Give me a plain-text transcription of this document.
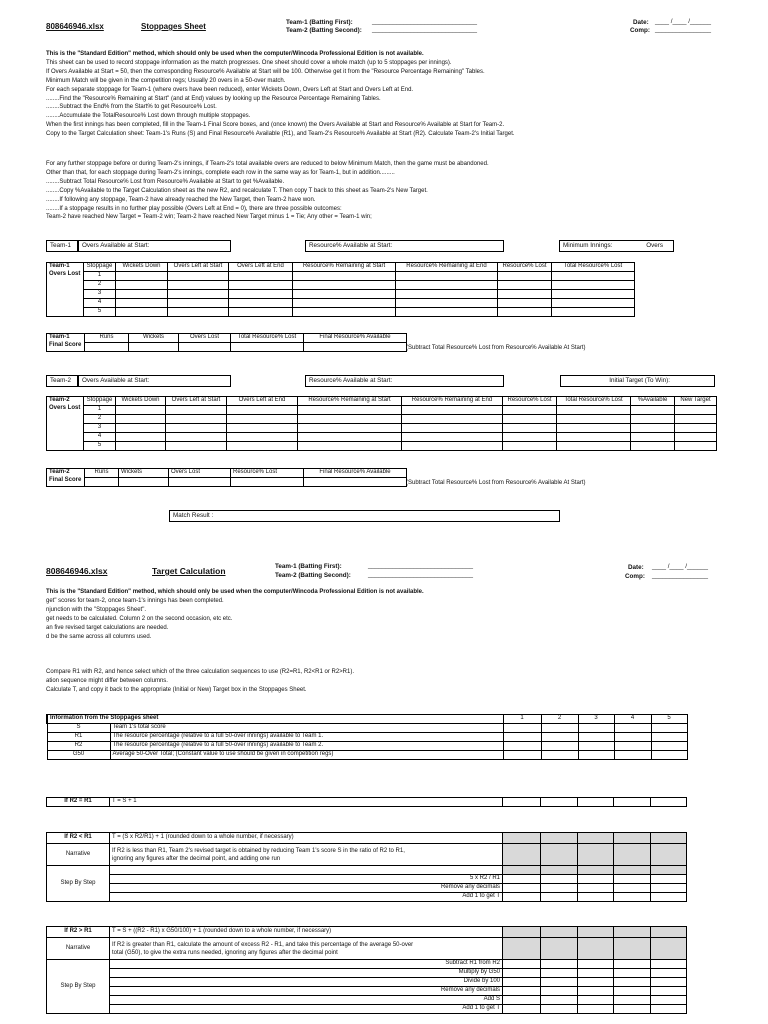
808646946.xlsx	Stoppages Sheet	Team-1 (Batting First):
Team-2 (Batting Second):
______________________________
______________________________
Date: ____ /____ /______
Comp: ________________
This is the "Standard Edition" method, which should only be used when the computer/Wincoda Professional Edition is not available.
This sheet can be used to record stoppage information as the match progresses. One sheet should cover a whole match (up to 5 stoppages per innings).
If Overs Available at Start = 50, then the corresponding Resource% Available at Start will be 100. Otherwise get it from the "Resource Percentage Remaining" Tables.
Minimum Match will be given in the competition regs; Usually 20 overs in a 50-over match.
For each separate stoppage for Team-1 (where overs have been reduced), enter Wickets Down, Overs Left at Start and Overs Left at End.
........Find the "Resource% Remaining at Start" (and at End) values by looking up the Resource Percentage Remaining Tables.
........Subtract the End% from the Start% to get Resource% Lost.
........Accumulate the TotalResource% Lost down through multiple stoppages.
When the first innings has been completed, fill in the Team-1 Final Score boxes, and (once known) the Overs Available at Start and Resource% Available at Start for Team-2.
Copy to the Target Calculation sheet: Team-1's Runs (S) and Final Resource% Available (R1), and Team-2's Resource% Available at Start (R2). Calculate Team-2's Initial Target.
For any further stoppage before or during Team-2's innings, if Team-2's total available overs are reduced to below Minimum Match, then the game must be abandoned.
Other than that, for each stoppage during Team-2's innings, complete each row in the same way as for Team-1, but in addition.........
........Subtract Total Resource% Lost from Resource% Available at Start to get %Available.
........Copy %Available to the Target Calculation sheet as the new R2, and recalculate T. Then copy T back to this sheet as Team-2's New Target.
........If following any stoppage, Team-2 have already reached the New Target, then Team-2 have won.
........If a stoppage results in no further play possible (Overs Left at End = 0), there are three possible outcomes:
Team-2 have reached New Target = Team-2 win; Team-2 have reached New Target minus 1 = Tie; Any other = Team-1 win;
Team-1	Overs Available at Start:	Resource% Available at Start:	Minimum Innings:	Overs
Team-1
Overs Lost	Stoppage	Wickets Down	Overs Left at Start	Overs Left at End	Resource% Remaining at Start	Resource% Remaining at End	Resource% Lost	Total Resource% Lost
	1							
	2							
	3							
	4							
	5							
Team-1
Final Score	Runs	Wickets	Overs Lost	Total Resource% Lost	Final Resource% Available

(Subtract Total Resource% Lost from Resource% Available At Start)
Team-2	Overs Available at Start:	Resource% Available at Start:	Initial Target (To Win):
Team-2
Overs Lost	Stoppage	Wickets Down	Overs Left at Start	Overs Left at End	Resource% Remaining at Start	Resource% Remaining at End	Resource% Lost	Total Resource% Lost	%Available	New Target
	1									
	2									
	3									
	4									
	5									
Team-2
Final Score	Runs	Wickets	Overs Lost	Resource% Lost	Final Resource% Available

(Subtract Total Resource% Lost from Resource% Available At Start)
Match Result :
808646946.xlsx	Target Calculation	Team-1 (Batting First):
Team-2 (Batting Second):
______________________________
______________________________
Date: ____ /____ /______
Comp: ________________
This is the "Standard Edition" method, which should only be used when the computer/Wincoda Professional Edition is not available.
get" scores for team-2, once team-1's innings has been completed.
njunction with the "Stoppages Sheet".
get needs to be calculated. Column 2 on the second occasion, etc etc.
an five revised target calculations are needed.
d be the same across all columns used.
Compare R1 with R2, and hence select which of the three calculation sequences to use (R2=R1, R2<R1 or R2>R1).
ation sequence might differ between columns.
Calculate T, and copy it back to the appropriate (Initial or New) Target box in the Stoppages Sheet.
Information from the Stoppages sheet		1	2	3	4	5
S	Team 1's total score					
R1	The resource percentage (relative to a full 50-over innings) available to Team 1.					
R2	The resource percentage (relative to a full 50-over innings) available to Team 2.					
G50	Average 50-Over Total; (Constant value to use should be given in competition regs)					
If R2 = R1	T = S + 1					
If R2 < R1	T = (S x R2/R1) + 1 (rounded down to a whole number, if necessary)					
Narrative	If R2 is less than R1, Team 2's revised target is obtained by reducing Team 1's score S in the ratio of R2 to R1,
ignoring any figures after the decimal point, and adding one run					
Step By Step						
	5 x R2 / R1					
	Remove any decimals					
	Add 1 to get T					
If R2 > R1	T = S + ((R2 - R1) x G50/100) + 1 (rounded down to a whole number, if necessary)					
Narrative	If R2 is greater than R1, calculate the amount of excess R2 - R1, and take this percentage of the average 50-over
total (G50), to give the extra runs needed, ignoring any figures after the decimal point					
Step By Step	Subtract R1 from R2					
	Multiply by G50					
	Divide by 100					
	Remove any decimals					
	Add S					
	Add 1 to get T					
